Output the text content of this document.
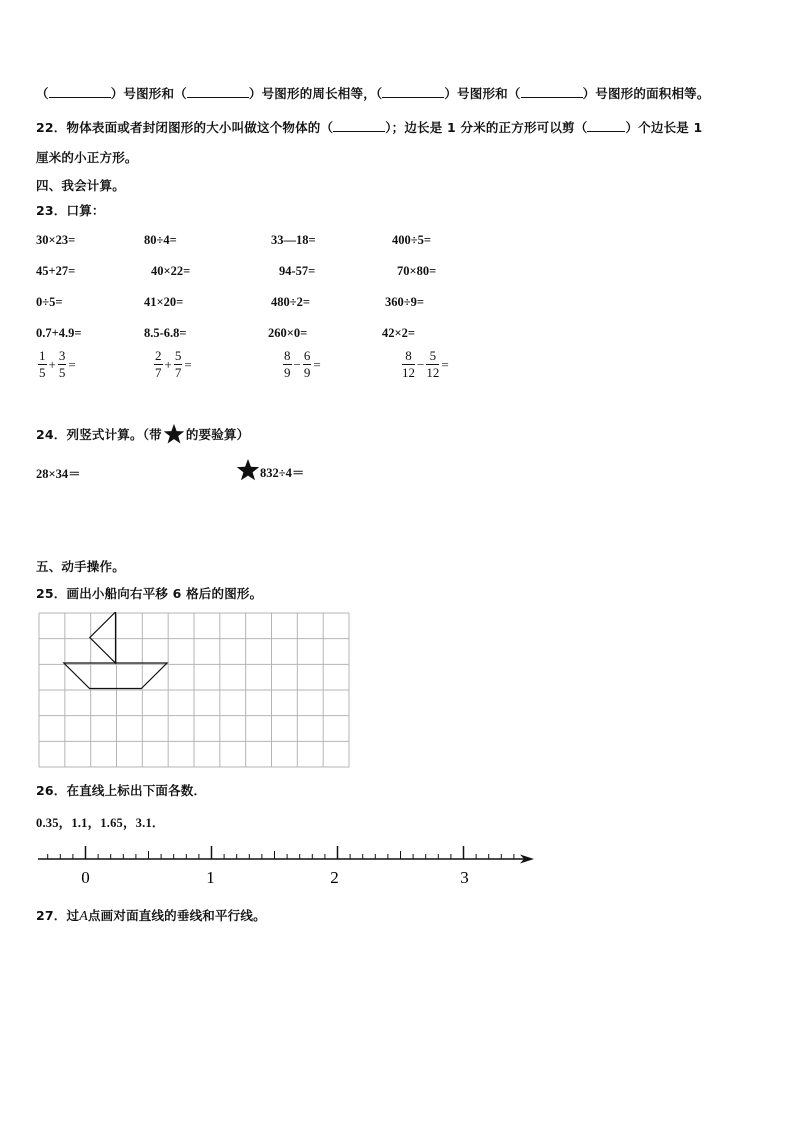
（	）号图形和（	）号图形的周长相等，（	）号图形和（	）号图形的面积相等。
22．物体表面或者封闭图形的大小叫做这个物体的（	）；边长是 1 分米的正方形可以剪（	）个边长是 1
厘米的小正方形。
四、我会计算。
23．口算：
30×23=	80÷4=	33—18=	400÷5=
45+27=	40×22=	94-57=	70×80=
0÷5=	41×20=	480÷2=	360÷9=
0.7+4.9=	8.5-6.8=	260×0=	42×2=
$\frac{1}{5} + \frac{3}{5}$ =	$\frac{2}{7} + \frac{5}{7}$ =	$\frac{8}{9} - \frac{6}{9}$ =	$\frac{8}{12} - \frac{5}{12}$ =
24．列竖式计算。（带 的要验算）
28×34＝	832÷4＝
五、动手操作。
25．画出小船向右平移 6 格后的图形。
26．在直线上标出下面各数．
0.35，1.1，1.65，3.1．
0	1	2	3
27．过A点画对面直线的垂线和平行线。
